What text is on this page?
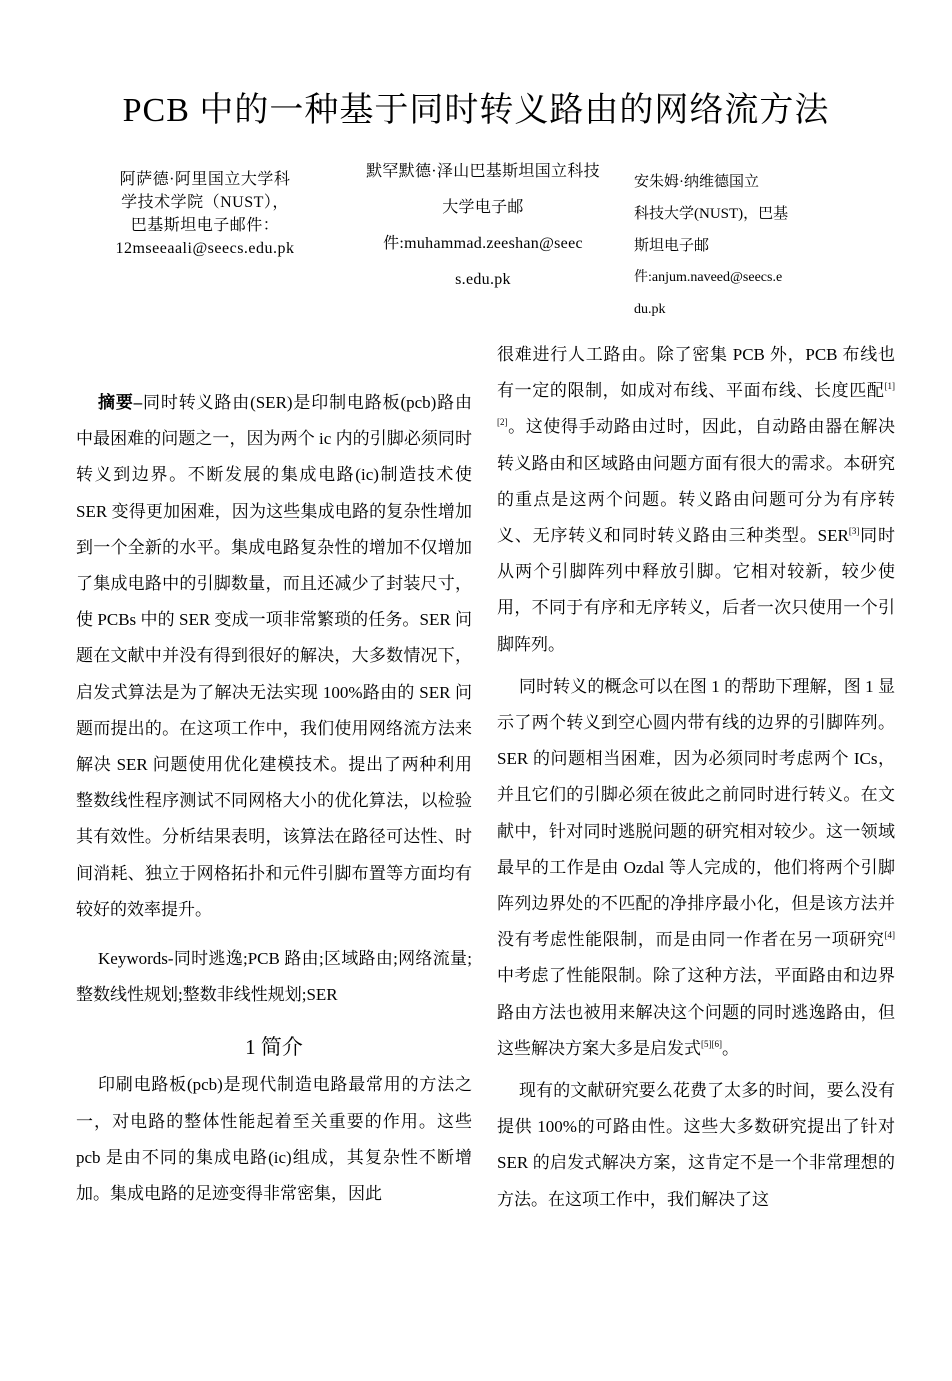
PCB 中的一种基于同时转义路由的网络流方法
阿萨德·阿里国立大学科
学技术学院（NUST），
巴基斯坦电子邮件：
12mseeaali@seecs.edu.pk
默罕默德·泽山巴基斯坦国立科技
大学电子邮
件:muhammad.zeeshan@seec
s.edu.pk
安朱姆·纳维德国立
科技大学(NUST)，巴基
斯坦电子邮
件:anjum.naveed@seecs.e
du.pk

摘要–同时转义路由(SER)是印制电路板(pcb)路由中最困难的问题之一，因为两个 ic 内的引脚必须同时转义到边界。不断发展的集成电路(ic)制造技术使 SER 变得更加困难，因为这些集成电路的复杂性增加到一个全新的水平。集成电路复杂性的增加不仅增加了集成电路中的引脚数量，而且还减少了封装尺寸，使 PCBs 中的 SER 变成一项非常繁琐的任务。SER 问题在文献中并没有得到很好的解决，大多数情况下，启发式算法是为了解决无法实现 100%路由的 SER 问题而提出的。在这项工作中，我们使用网络流方法来解决 SER 问题使用优化建模技术。提出了两种利用整数线性程序测试不同网格大小的优化算法，以检验其有效性。分析结果表明，该算法在路径可达性、时间消耗、独立于网格拓扑和元件引脚布置等方面均有较好的效率提升。

Keywords-同时逃逸;PCB 路由;区域路由;网络流量;整数线性规划;整数非线性规划;SER

1 简介

印刷电路板(pcb)是现代制造电路最常用的方法之一，对电路的整体性能起着至关重要的作用。这些 pcb 是由不同的集成电路(ic)组成，其复杂性不断增加。集成电路的足迹变得非常密集，因此

很难进行人工路由。除了密集 PCB 外，PCB 布线也有一定的限制，如成对布线、平面布线、长度匹配[1][2]。这使得手动路由过时，因此，自动路由器在解决转义路由和区域路由问题方面有很大的需求。本研究的重点是这两个问题。转义路由问题可分为有序转义、无序转义和同时转义路由三种类型。SER[3]同时从两个引脚阵列中释放引脚。它相对较新，较少使用，不同于有序和无序转义，后者一次只使用一个引脚阵列。

同时转义的概念可以在图 1 的帮助下理解，图 1 显示了两个转义到空心圆内带有线的边界的引脚阵列。SER 的问题相当困难，因为必须同时考虑两个 ICs，并且它们的引脚必须在彼此之前同时进行转义。在文献中，针对同时逃脱问题的研究相对较少。这一领域最早的工作是由 Ozdal 等人完成的，他们将两个引脚阵列边界处的不匹配的净排序最小化，但是该方法并没有考虑性能限制，而是由同一作者在另一项研究[4]中考虑了性能限制。除了这种方法，平面路由和边界路由方法也被用来解决这个问题的同时逃逸路由，但这些解决方案大多是启发式[5][6]。

现有的文献研究要么花费了太多的时间，要么没有提供 100%的可路由性。这些大多数研究提出了针对 SER 的启发式解决方案，这肯定不是一个非常理想的方法。在这项工作中，我们解决了这
